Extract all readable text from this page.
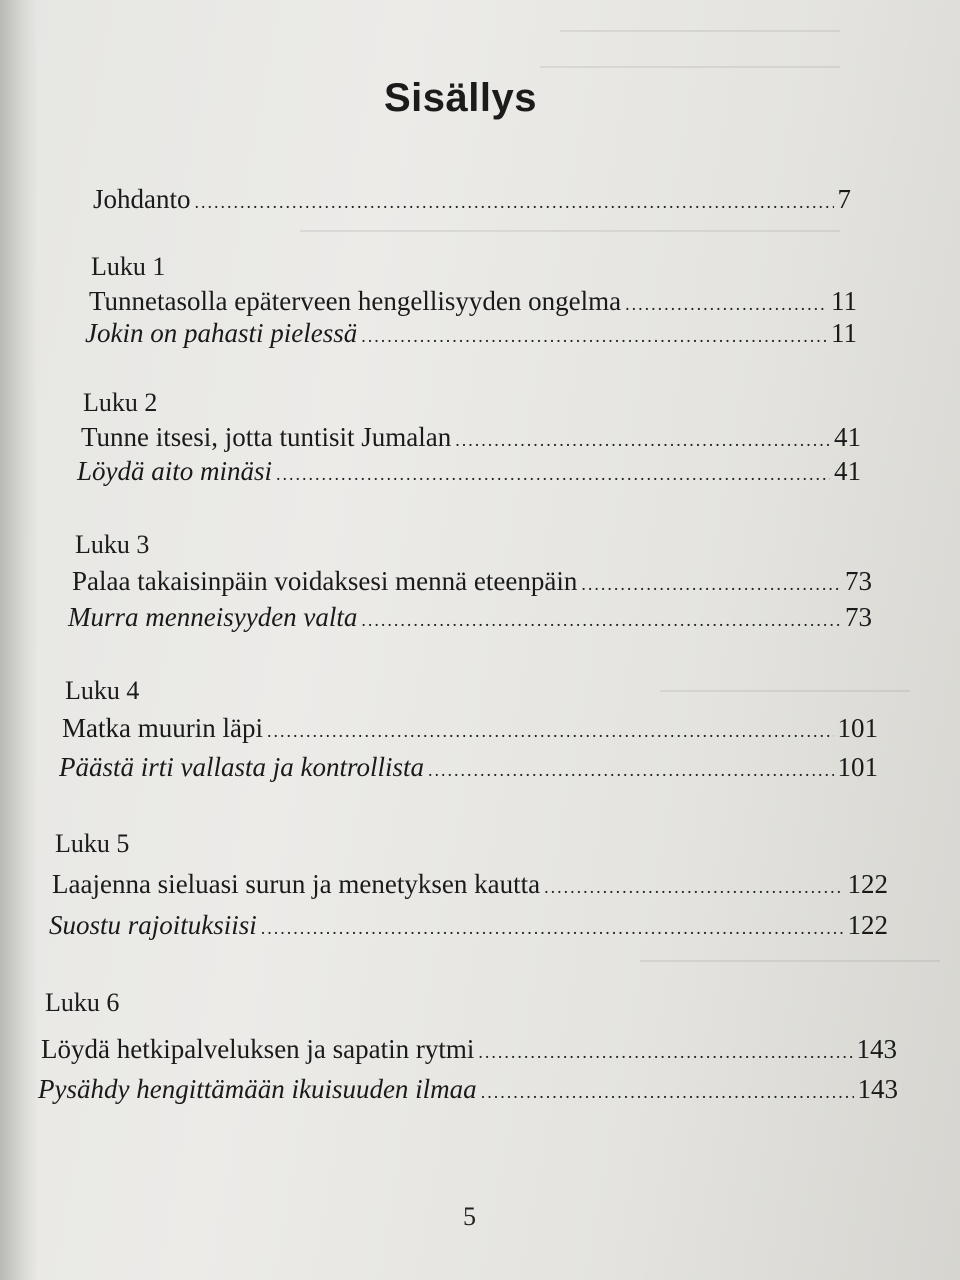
Sisällys
Johdanto .....	7
Luku 1
Tunnetasolla epäterveen hengellisyyden ongelma .....	11
Jokin on pahasti pielessä .....	11
Luku 2
Tunne itsesi, jotta tuntisit Jumalan .....	41
Löydä aito minäsi .....	41
Luku 3
Palaa takaisinpäin voidaksesi mennä eteenpäin .....	73
Murra menneisyyden valta .....	73
Luku 4
Matka muurin läpi .....	101
Päästä irti vallasta ja kontrollista .....	101
Luku 5
Laajenna sieluasi surun ja menetyksen kautta .....	122
Suostu rajoituksiisi .....	122
Luku 6
Löydä hetkipalveluksen ja sapatin rytmi .....	143
Pysähdy hengittämään ikuisuuden ilmaa .....	143
5
